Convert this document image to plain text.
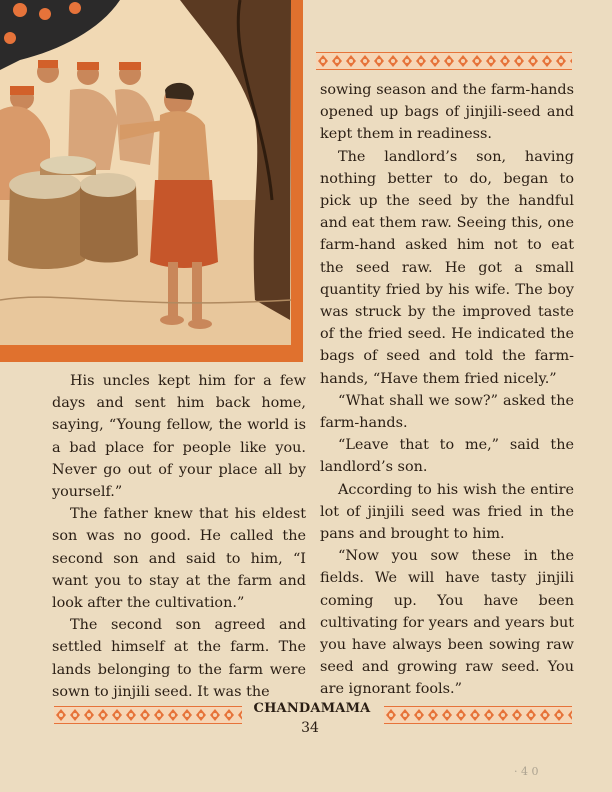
His uncles kept him for a few days and sent him back home, saying, “Young fellow, the world is a bad place for people like you. Never go out of your place all by yourself.”

The father knew that his eldest son was no good. He called the second son and said to him, “I want you to stay at the farm and look after the cultivation.”

The second son agreed and settled himself at the farm. The lands belonging to the farm were sown to jinjili seed. It was the

sowing season and the farm-hands opened up bags of jinjili-seed and kept them in readiness.

The landlord’s son, having nothing better to do, began to pick up the seed by the handful and eat them raw. Seeing this, one farm-hand asked him not to eat the seed raw. He got a small quantity fried by his wife. The boy was struck by the improved taste of the fried seed. He indicated the bags of seed and told the farm-hands, “Have them fried nicely.”

“What shall we sow?” asked the farm-hands.

“Leave that to me,” said the landlord’s son.

According to his wish the entire lot of jinjili seed was fried in the pans and brought to him.

“Now you sow these in the fields. We will have tasty jinjili coming up. You have been cultivating for years and years but you have always been sowing raw seed and growing raw seed. You are ignorant fools.”

CHANDAMAMA
34
· 4 0
